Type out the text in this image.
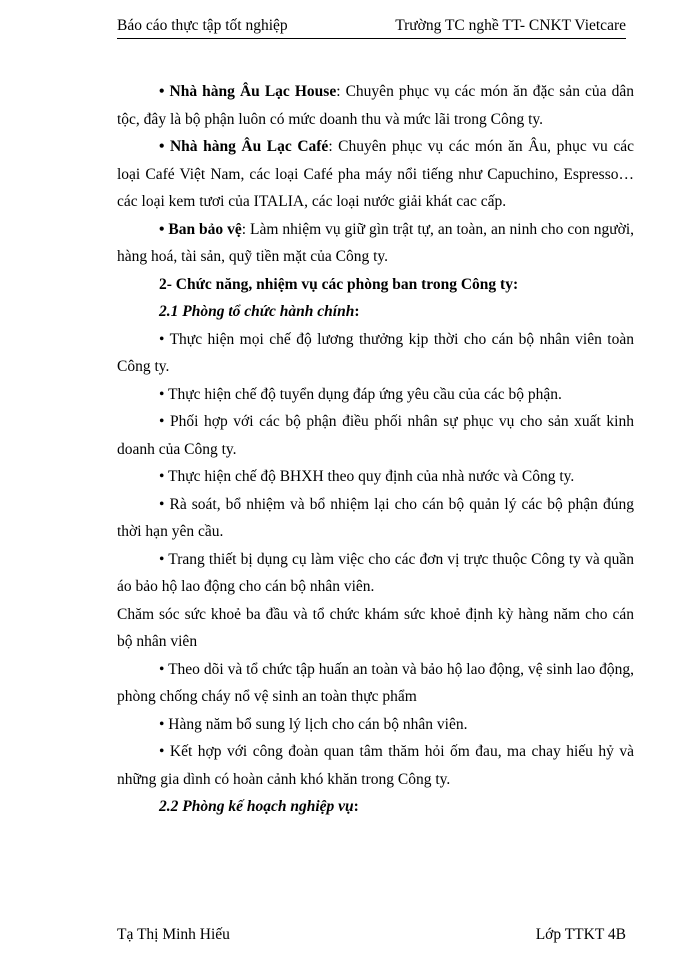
Báo cáo thực tập tốt nghiệp	Trường TC nghề TT- CNKT Vietcare

• Nhà hàng Âu Lạc House: Chuyên phục vụ các món ăn đặc sản của dân tộc, đây là bộ phận luôn có mức doanh thu và mức lãi trong Công ty.

• Nhà hàng Âu Lạc Café: Chuyên phục vụ các món ăn Âu, phục vu các loại Café Việt Nam, các loại Café pha máy nổi tiếng như Capuchino, Espresso… các loại kem tươi của ITALIA, các loại nước giải khát cac cấp.

• Ban bảo vệ: Làm nhiệm vụ giữ gìn trật tự, an toàn, an ninh cho con người, hàng hoá, tài sản, quỹ tiền mặt của Công ty.

2- Chức năng, nhiệm vụ các phòng ban trong Công ty:

2.1 Phòng tổ chức hành chính:

• Thực hiện mọi chế độ lương thưởng kịp thời cho cán bộ nhân viên toàn Công ty.

• Thực hiện chế độ tuyển dụng đáp ứng yêu cầu của các bộ phận.

• Phối hợp với các bộ phận điều phối nhân sự phục vụ cho sản xuất kinh doanh của Công ty.

• Thực hiện chế độ BHXH theo quy định của nhà nước và Công ty.

• Rà soát, bổ nhiệm và bổ nhiệm lại cho cán bộ quản lý các bộ phận đúng thời hạn yên cầu.

• Trang thiết bị dụng cụ làm việc cho các đơn vị trực thuộc Công ty và quần áo bảo hộ lao động cho cán bộ nhân viên.

Chăm sóc sức khoẻ ba đầu và tổ chức khám sức khoẻ định kỳ hàng năm cho cán bộ nhân viên

• Theo dõi và tổ chức tập huấn an toàn và bảo hộ lao động, vệ sinh lao động, phòng chống cháy nổ vệ sinh an toàn thực phẩm

• Hàng năm bổ sung lý lịch cho cán bộ nhân viên.

• Kết hợp với công đoàn quan tâm thăm hỏi ốm đau, ma chay hiếu hỷ và những gia dình có hoàn cảnh khó khăn trong Công ty.

2.2 Phòng kế hoạch nghiệp vụ:

Tạ Thị Minh Hiếu	Lớp TTKT 4B
